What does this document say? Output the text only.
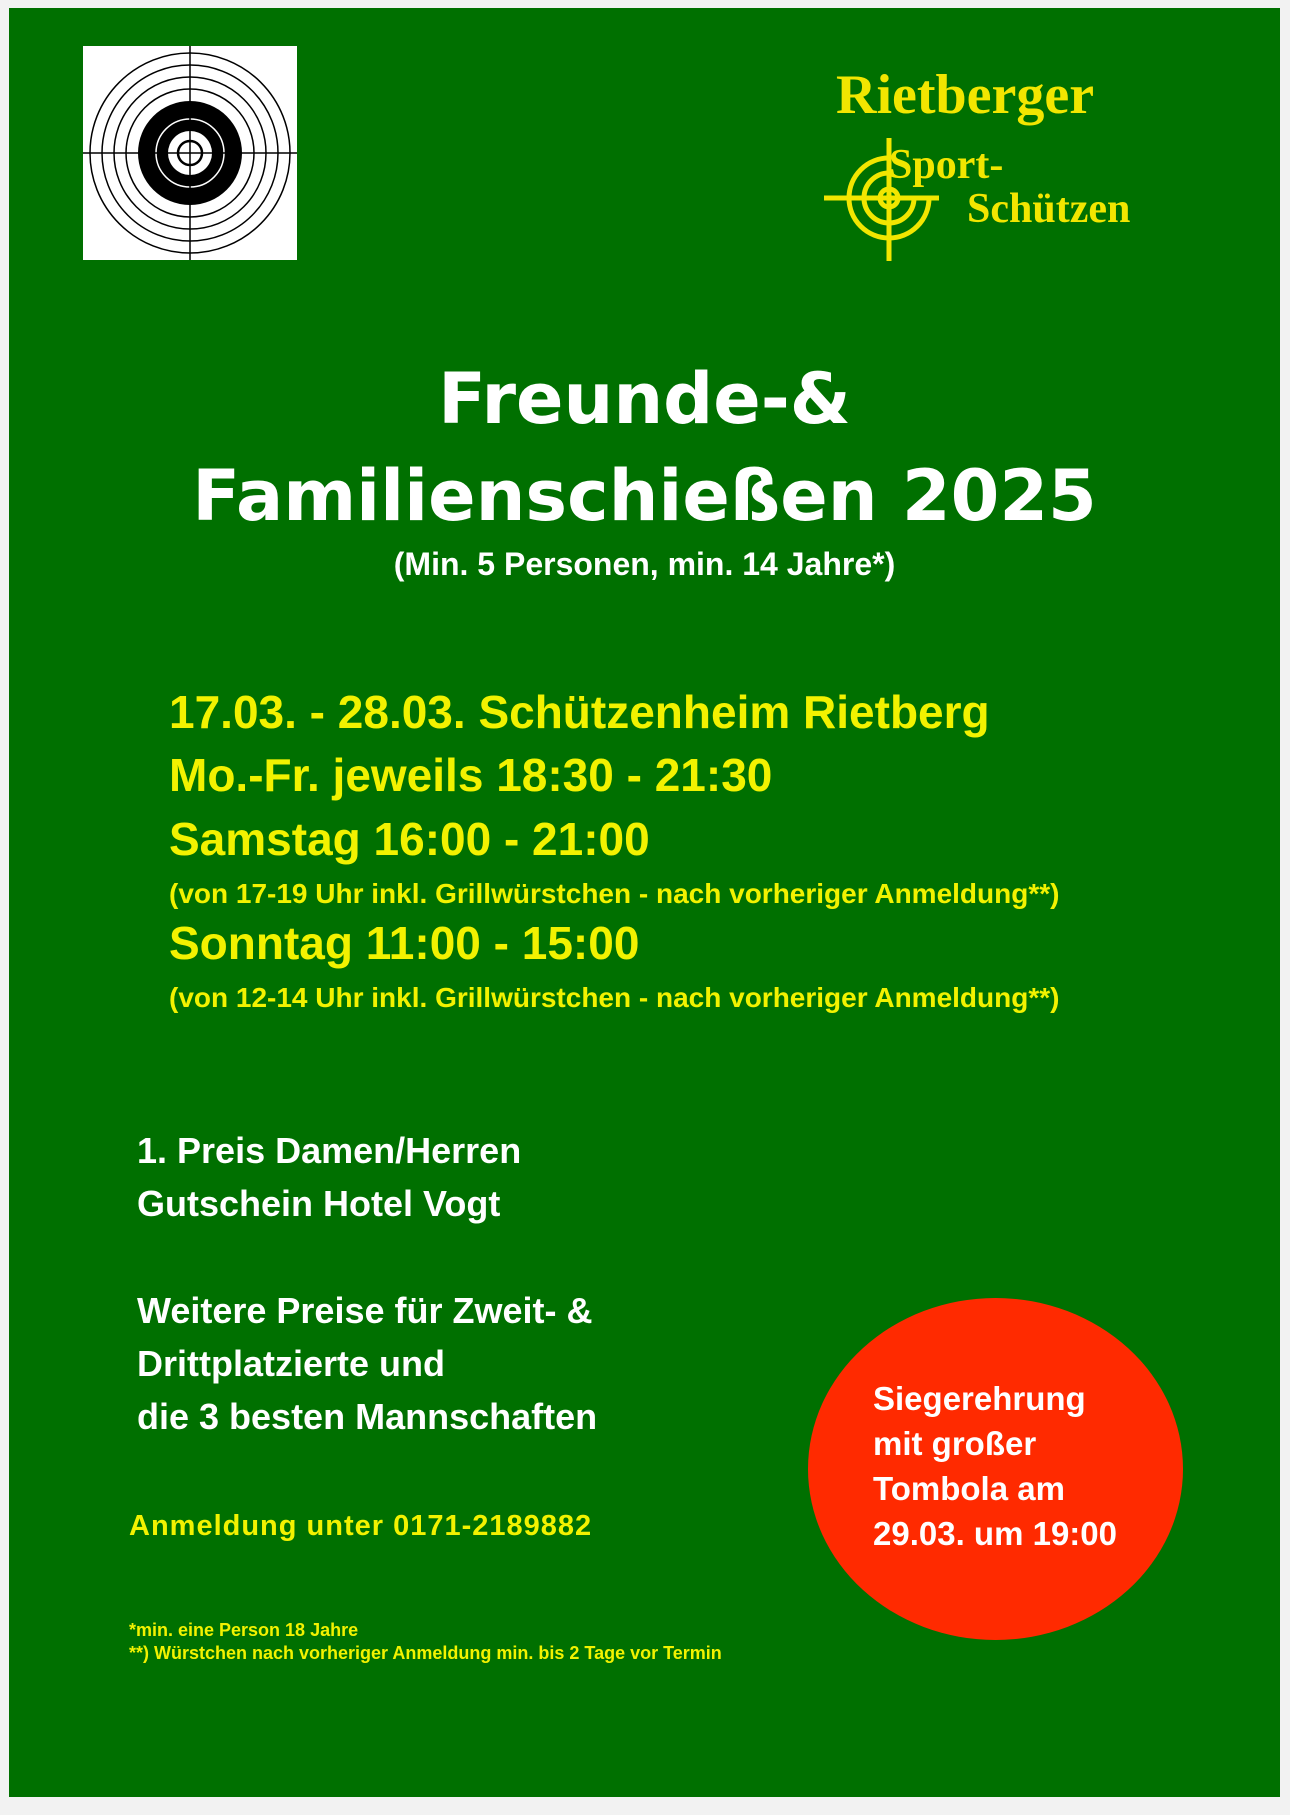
Rietberger
Sport-
Schützen
Freunde-&
Familienschießen 2025
(Min. 5 Personen, min. 14 Jahre*)
17.03. - 28.03. Schützenheim Rietberg
Mo.-Fr. jeweils 18:30 - 21:30
Samstag 16:00 - 21:00
(von 17-19 Uhr inkl. Grillwürstchen - nach vorheriger Anmeldung**)
Sonntag 11:00 - 15:00
(von 12-14 Uhr inkl. Grillwürstchen - nach vorheriger Anmeldung**)
1. Preis Damen/Herren
Gutschein Hotel Vogt
Weitere Preise für Zweit- &
Drittplatzierte und
die 3 besten Mannschaften
Anmeldung unter 0171-2189882
*min. eine Person 18 Jahre
**) Würstchen nach vorheriger Anmeldung min. bis 2 Tage vor Termin
Siegerehrung
mit großer
Tombola am
29.03. um 19:00
